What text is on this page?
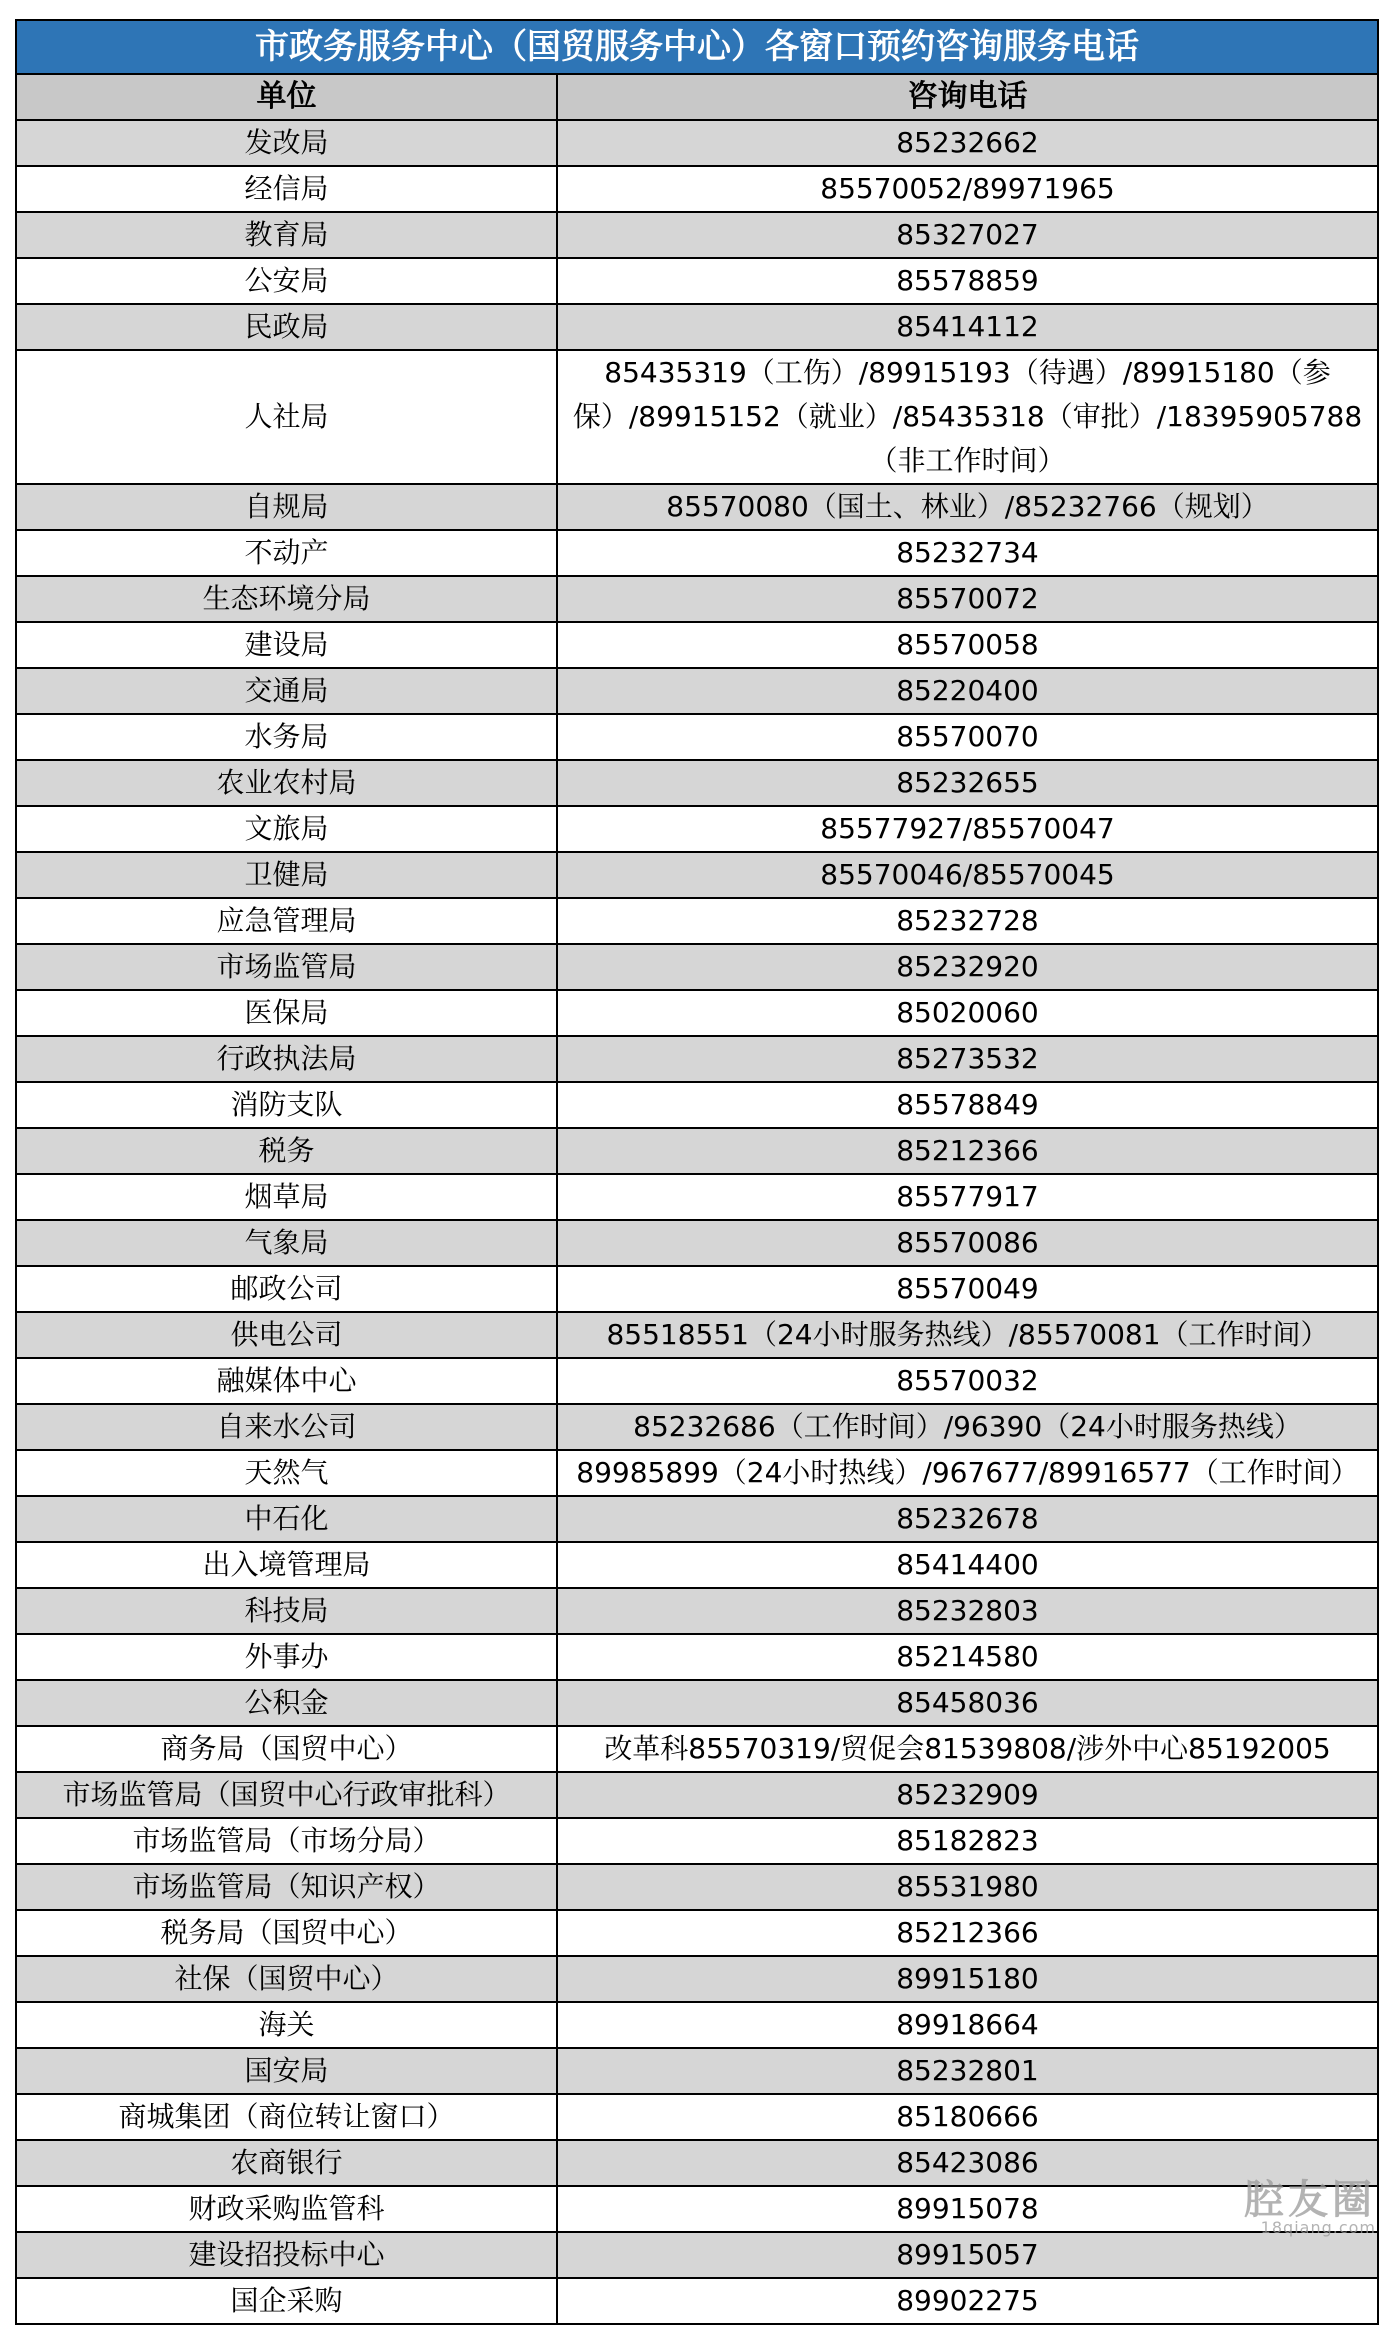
市政务服务中心（国贸服务中心）各窗口预约咨询服务电话	
单位	咨询电话
发改局	85232662
经信局	85570052/89971965
教育局	85327027
公安局	85578859
民政局	85414112
人社局	85435319（工伤）/89915193（待遇）/89915180（参保）/89915152（就业）/85435318（审批）/18395905788（非工作时间）
自规局	85570080（国土、林业）/85232766（规划）
不动产	85232734
生态环境分局	85570072
建设局	85570058
交通局	85220400
水务局	85570070
农业农村局	85232655
文旅局	85577927/85570047
卫健局	85570046/85570045
应急管理局	85232728
市场监管局	85232920
医保局	85020060
行政执法局	85273532
消防支队	85578849
税务	85212366
烟草局	85577917
气象局	85570086
邮政公司	85570049
供电公司	85518551（24小时服务热线）/85570081（工作时间）
融媒体中心	85570032
自来水公司	85232686（工作时间）/96390（24小时服务热线）
天然气	89985899（24小时热线）/967677/89916577（工作时间）
中石化	85232678
出入境管理局	85414400
科技局	85232803
外事办	85214580
公积金	85458036
商务局（国贸中心）	改革科85570319/贸促会81539808/涉外中心85192005
市场监管局（国贸中心行政审批科）	85232909
市场监管局（市场分局）	85182823
市场监管局（知识产权）	85531980
税务局（国贸中心）	85212366
社保（国贸中心）	89915180
海关	89918664
国安局	85232801
商城集团（商位转让窗口）	85180666
农商银行	85423086
财政采购监管科	89915078
建设招投标中心	89915057
国企采购	89902275
腔友圈
18qiang.com
